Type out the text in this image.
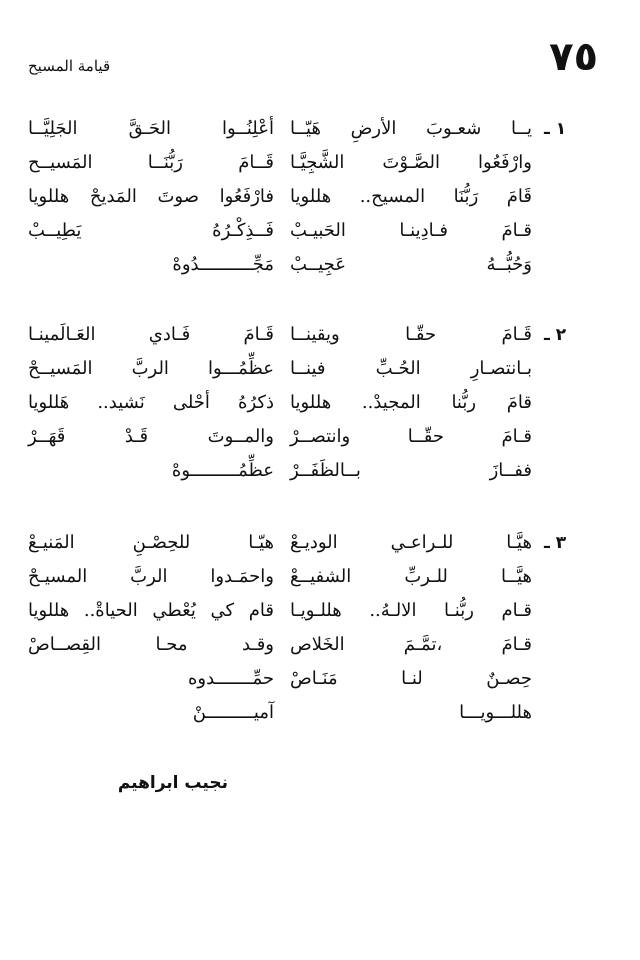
٧٥
قيامة المسيح
١ ـ
يــا شعـوبَ الأرضِ هَيّــا
وارْفَعُوا الصَّـوْتَ الشَّجِيَّـا
قَامَ رَبُّنَا المسيح.. هللويا
قـامَ فـادِينـا الحَبيـبْ
وَحُبُّــهُ عَجِيــبْ
أعْلِنُــوا الحَـقَّ الجَلِيَّــا
قَــامَ رَبُّنَــا المَسيــح
فارْفَعُوا صوتَ المَديحْ هللويا
فَــذِكْـرُهُ يَطِيــبْ
مَجِّــــــــــدُوهْ
٢ ـ
قَـامَ حقّـا ويقينــا
بـانتصـارِ الحُـبِّ فينــا
قامَ ربُّنا المجيدْ.. هللويا
قـامَ حقّــا وانتصــرْ
ففــازَ بــالظَفَــرْ
قَـامَ فَـادي العَـالَمينـا
عظِّمُـــوا الربَّ المَسيــحْ
ذكرُهُ أحْلى نَشيد.. هَللويا
والمــوتَ قَـدْ قَهَــرْ
عظِّمُـــــــــوهْ
٣ ـ
هيَّـا للـراعـي الوديـعْ
هيَّــا للـربِّ الشفيــعْ
قـام ربُّنـا الالـهُ.. هللـويـا
قـامَ ،تمَّـمَ الخَلاص
حِصـنٌ لنـا مَنَـاصْ
هللـــويـــا
هيّـا للحِصْـنِ المَنيـعْ
واحمَـدوا الربَّ المسيـحْ
قام كي يُعْطي الحياةْ.. هللويا
وقـد محـا القِصــاصْ
حمِّـــــــدوه
آميـــــــــنْ
نجيب ابراهيم
